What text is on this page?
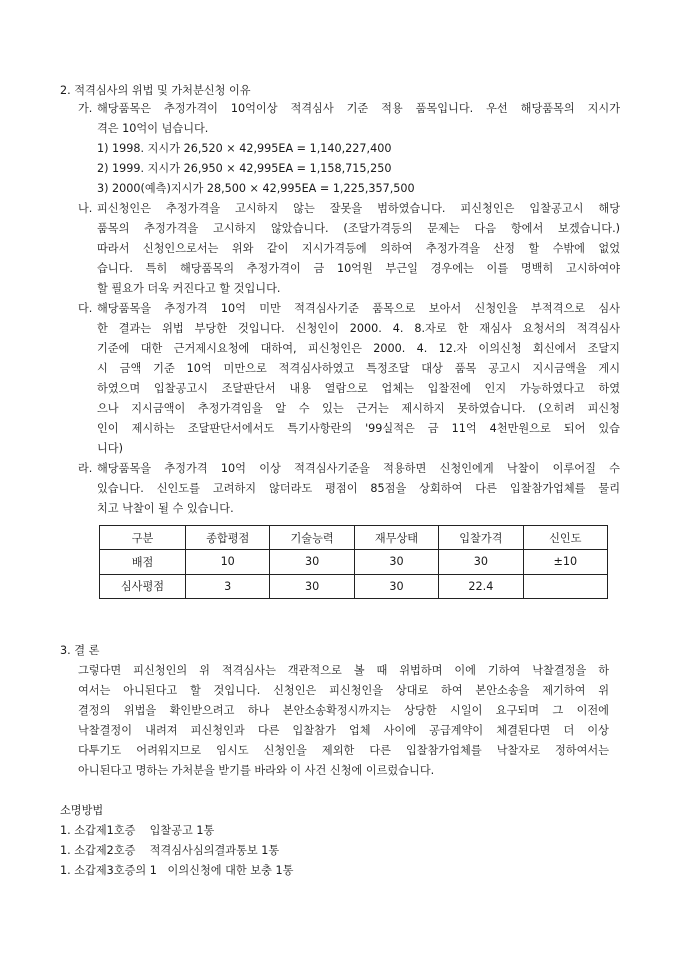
2. 적격심사의 위법 및 가처분신청 이유
가. 해당품목은 추정가격이 10억이상 적격심사 기준 적용 품목입니다. 우선 해당품목의 지시가
격은 10억이 넘습니다.
1) 1998. 지시가 26,520 × 42,995EA = 1,140,227,400
2) 1999. 지시가 26,950 × 42,995EA = 1,158,715,250
3) 2000(예측)지시가 28,500 × 42,995EA = 1,225,357,500
나. 피신청인은 추정가격을 고시하지 않는 잘못을 범하였습니다. 피신청인은 입찰공고시 해당
품목의 추정가격을 고시하지 않았습니다. (조달가격등의 문제는 다음 항에서 보겠습니다.)
따라서 신청인으로서는 위와 같이 지시가격등에 의하여 추정가격을 산정 할 수밖에 없었
습니다. 특히 해당품목의 추정가격이 금 10억원 부근일 경우에는 이를 명백히 고시하여야
할 필요가 더욱 커진다고 할 것입니다.
다. 해당품목을 추정가격 10억 미만 적격심사기준 품목으로 보아서 신청인을 부적격으로 심사
한 결과는 위법 부당한 것입니다. 신청인이 2000. 4. 8.자로 한 재심사 요청서의 적격심사
기준에 대한 근거제시요청에 대하여, 피신청인은 2000. 4. 12.자 이의신청 회신에서 조달지
시 금액 기준 10억 미만으로 적격심사하였고 특정조달 대상 품목 공고시 지시금액을 게시
하였으며 입찰공고시 조달판단서 내용 열람으로 업체는 입찰전에 인지 가능하였다고 하였
으나 지시금액이 추정가격임을 알 수 있는 근거는 제시하지 못하였습니다. (오히려 피신청
인이 제시하는 조달판단서에서도 특기사항란의 '99실적은 금 11억 4천만원으로 되어 있습
니다)
라. 해당품목을 추정가격 10억 이상 적격심사기준을 적용하면 신청인에게 낙찰이 이루어질 수
있습니다. 신인도를 고려하지 않더라도 평점이 85점을 상회하여 다른 입찰참가업체를 물리
치고 낙찰이 될 수 있습니다.
구분	종합평점	기술능력	재무상태	입찰가격	신인도
배점	10	30	30	30	±10
심사평점	3	30	30	22.4	
3. 결 론
그렇다면 피신청인의 위 적격심사는 객관적으로 볼 때 위법하며 이에 기하여 낙찰결정을 하
여서는 아니된다고 할 것입니다. 신청인은 피신청인을 상대로 하여 본안소송을 제기하여 위
결정의 위법을 확인받으려고 하나 본안소송확정시까지는 상당한 시일이 요구되며 그 이전에
낙찰결정이 내려져 피신청인과 다른 입찰참가 업체 사이에 공급계약이 체결된다면 더 이상
다투기도 어려워지므로 임시도 신청인을 제외한 다른 입찰참가업체를 낙찰자로 정하여서는
아니된다고 명하는 가처분을 받기를 바라와 이 사건 신청에 이르렀습니다.
소명방법
1. 소갑제1호증    입찰공고 1통
1. 소갑제2호증    적격심사심의결과통보 1통
1. 소갑제3호증의 1   이의신청에 대한 보충 1통
